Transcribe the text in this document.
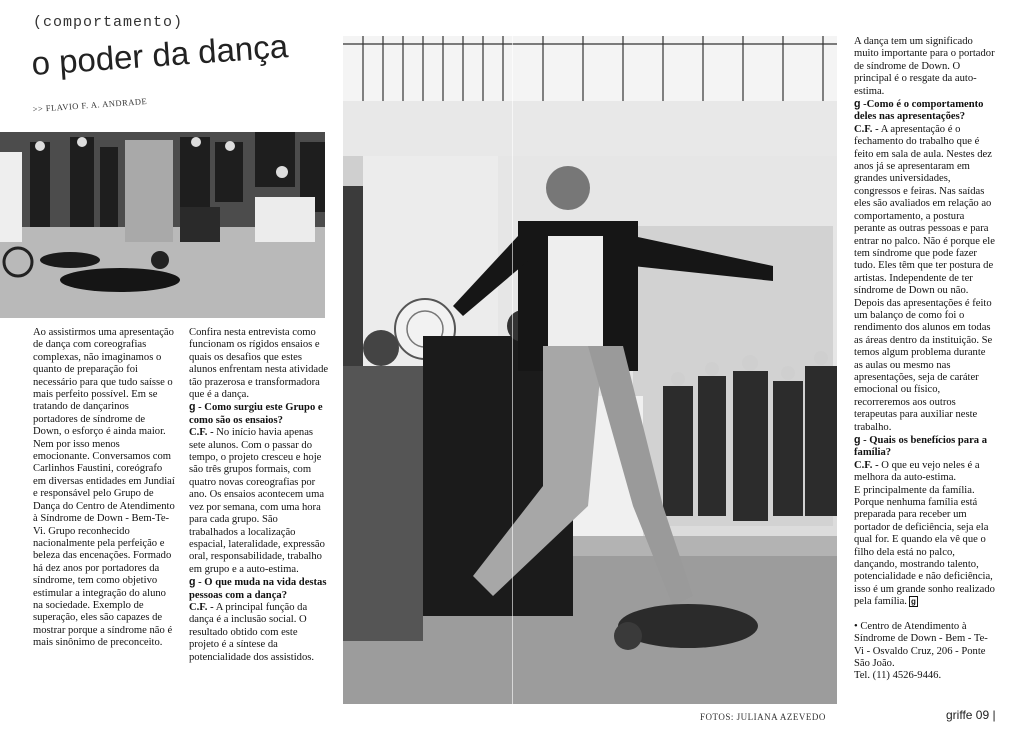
(comportamento)
o poder da dança
>> FLAVIO F. A. ANDRADE

Ao assistirmos uma apresentação de dança com coreografias complexas, não imaginamos o quanto de preparação foi necessário para que tudo saísse o mais perfeito possível. Em se tratando de dançarinos portadores de síndrome de Down, o esforço é ainda maior. Nem por isso menos emocionante. Conversamos com Carlinhos Faustini, coreógrafo em diversas entidades em Jundiaí e responsável pelo Grupo de Dança do Centro de Atendimento à Síndrome de Down - Bem-Te-Vi. Grupo reconhecido nacionalmente pela perfeição e beleza das encenações. Formado há dez anos por portadores da síndrome, tem como objetivo estimular a integração do aluno na sociedade. Exemplo de superação, eles são capazes de mostrar porque a síndrome não é mais sinônimo de preconceito.

Confira nesta entrevista como funcionam os rígidos ensaios e quais os desafios que estes alunos enfrentam nesta atividade tão prazerosa e transformadora que é a dança.

g - Como surgiu este Grupo e como são os ensaios?

C.F. - No início havia apenas sete alunos. Com o passar do tempo, o projeto cresceu e hoje são três grupos formais, com quatro novas coreografias por ano. Os ensaios acontecem uma vez por semana, com uma hora para cada grupo. São trabalhados a localização espacial, lateralidade, expressão oral, responsabilidade, trabalho em grupo e a auto-estima.

g - O que muda na vida destas pessoas com a dança?

C.F. - A principal função da dança é a inclusão social. O resultado obtido com este projeto é a síntese da potencialidade dos assistidos.

A dança tem um significado muito importante para o portador de síndrome de Down. O principal é o resgate da auto-estima.

g -Como é o comportamento deles nas apresentações?

C.F. - A apresentação é o fechamento do trabalho que é feito em sala de aula. Nestes dez anos já se apresentaram em grandes universidades, congressos e feiras. Nas saídas eles são avaliados em relação ao comportamento, a postura perante as outras pessoas e para entrar no palco. Não é porque ele tem síndrome que pode fazer tudo. Eles têm que ter postura de artistas. Independente de ter síndrome de Down ou não. Depois das apresentações é feito um balanço de como foi o rendimento dos alunos em todas as áreas dentro da instituição. Se temos algum problema durante as aulas ou mesmo nas apresentações, seja de caráter emocional ou físico, recorreremos aos outros terapeutas para auxiliar neste trabalho.

g - Quais os benefícios para a família?

C.F. - O que eu vejo neles é a melhora da auto-estima.

E principalmente da família. Porque nenhuma família está preparada para receber um portador de deficiência, seja ela qual for. E quando ela vê que o filho dela está no palco, dançando, mostrando talento, potencialidade e não deficiência, isso é um grande sonho realizado pela família. g

• Centro de Atendimento à Síndrome de Down - Bem - Te-Vi - Osvaldo Cruz, 206 - Ponte São João.

Tel. (11) 4526-9446.

FOTOS: JULIANA AZEVEDO	griffe 09 |
